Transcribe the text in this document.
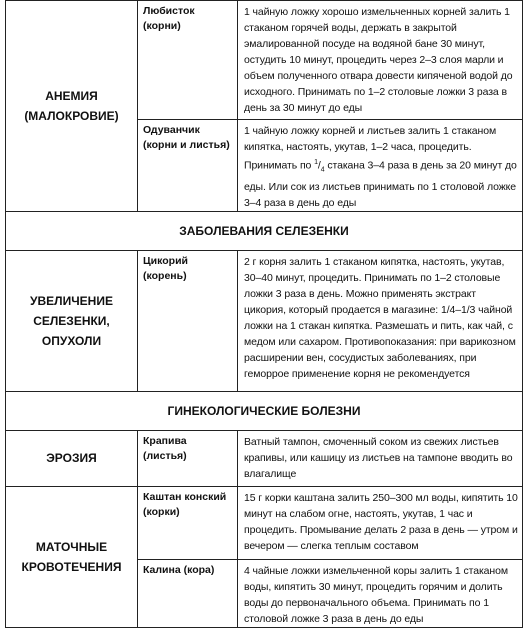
АНЕМИЯ (МАЛОКРОВИЕ)	Любисток (корни)	1 чайную ложку хорошо измельченных корней залить 1 стаканом горячей воды, держать в закрытой эмалированной посуде на водяной бане 30 минут, остудить 10 минут, процедить через 2–3 слоя марли и объем полученного отвара довести кипяченой водой до исходного. Принимать по 1–2 столовые ложки 3 раза в день за 30 минут до еды
	Одуванчик (корни и листья)	1 чайную ложку корней и листьев залить 1 стаканом кипятка, настоять, укутав, 1–2 часа, процедить. Принимать по $^1/_4$ стакана 3–4 раза в день за 20 минут до еды. Или сок из листьев принимать по 1 столовой ложке 3–4 раза в день до еды
ЗАБОЛЕВАНИЯ СЕЛЕЗЕНКИ		
УВЕЛИЧЕНИЕ СЕЛЕЗЕНКИ, ОПУХОЛИ	Цикорий (корень)	2 г корня залить 1 стаканом кипятка, настоять, укутав, 30–40 минут, процедить. Принимать по 1–2 столовые ложки 3 раза в день. Можно применять экстракт цикория, который продается в магазине: 1/4–1/3 чайной ложки на 1 стакан кипятка. Размешать и пить, как чай, с медом или сахаром. Противопоказания: при варикозном расширении вен, сосудистых заболеваниях, при геморрое применение корня не рекомендуется
ГИНЕКОЛОГИЧЕСКИЕ БОЛЕЗНИ		
ЭРОЗИЯ	Крапива (листья)	Ватный тампон, смоченный соком из свежих листьев крапивы, или кашицу из листьев на тампоне вводить во влагалище
МАТОЧНЫЕ КРОВОТЕЧЕНИЯ	Каштан конский (корки)	15 г корки каштана залить 250–300 мл воды, кипятить 10 минут на слабом огне, настоять, укутав, 1 час и процедить. Промывание делать 2 раза в день — утром и вечером — слегка теплым составом
	Калина (кора)	4 чайные ложки измельченной коры залить 1 стаканом воды, кипятить 30 минут, процедить горячим и долить воды до первоначального объема. Принимать по 1 столовой ложке 3 раза в день до еды
